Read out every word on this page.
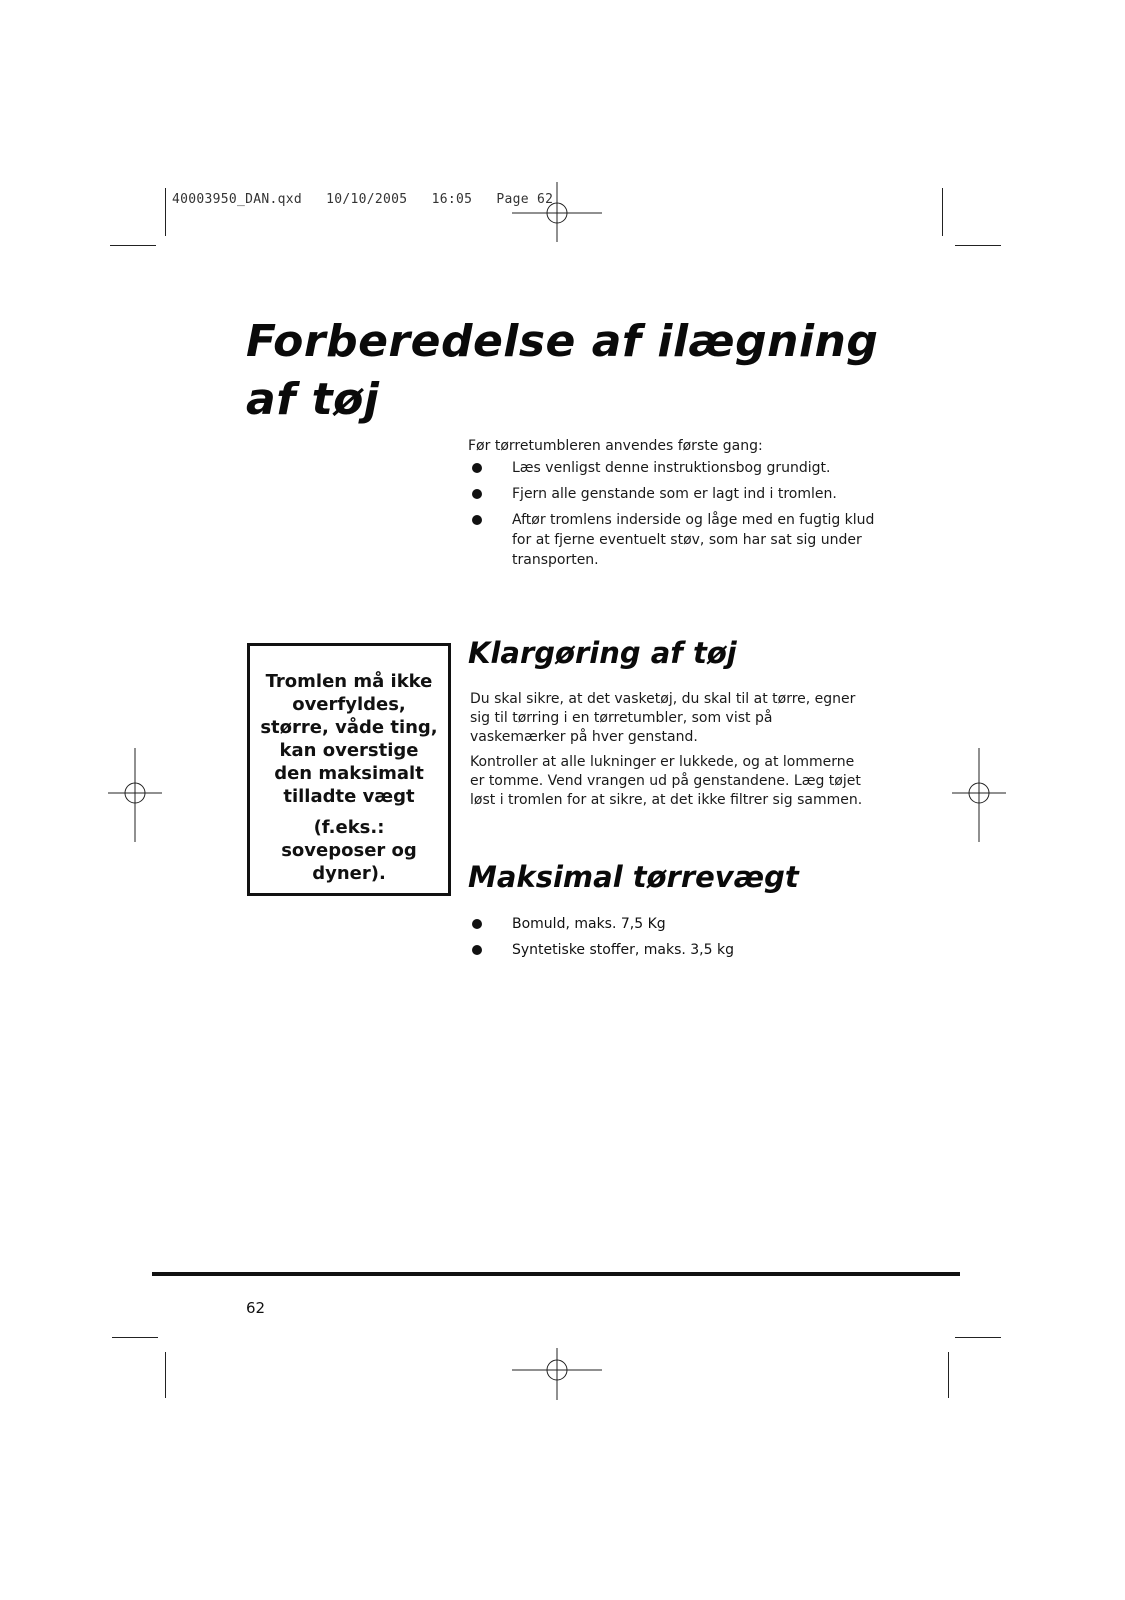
40003950_DAN.qxd 10/10/2005 16:05 Page 62
Forberedelse af ilægning
af tøj
Før tørretumbleren anvendes første gang:
Læs venligst denne instruktionsbog grundigt.
Fjern alle genstande som er lagt ind i tromlen.
Aftør tromlens inderside og låge med en fugtig klud for at fjerne eventuelt støv, som har sat sig under transporten.

Tromlen må ikke overfyldes, større, våde ting, kan overstige den maksimalt tilladte vægt

(f.eks.: soveposer og dyner).

Klargøring af tøj

Du skal sikre, at det vasketøj, du skal til at tørre, egner sig til tørring i en tørretumbler, som vist på vaskemærker på hver genstand.

Kontroller at alle lukninger er lukkede, og at lommerne er tomme. Vend vrangen ud på genstandene. Læg tøjet løst i tromlen for at sikre, at det ikke filtrer sig sammen.

Maksimal tørrevægt
Bomuld, maks. 7,5 Kg
Syntetiske stoffer, maks. 3,5 kg
62
